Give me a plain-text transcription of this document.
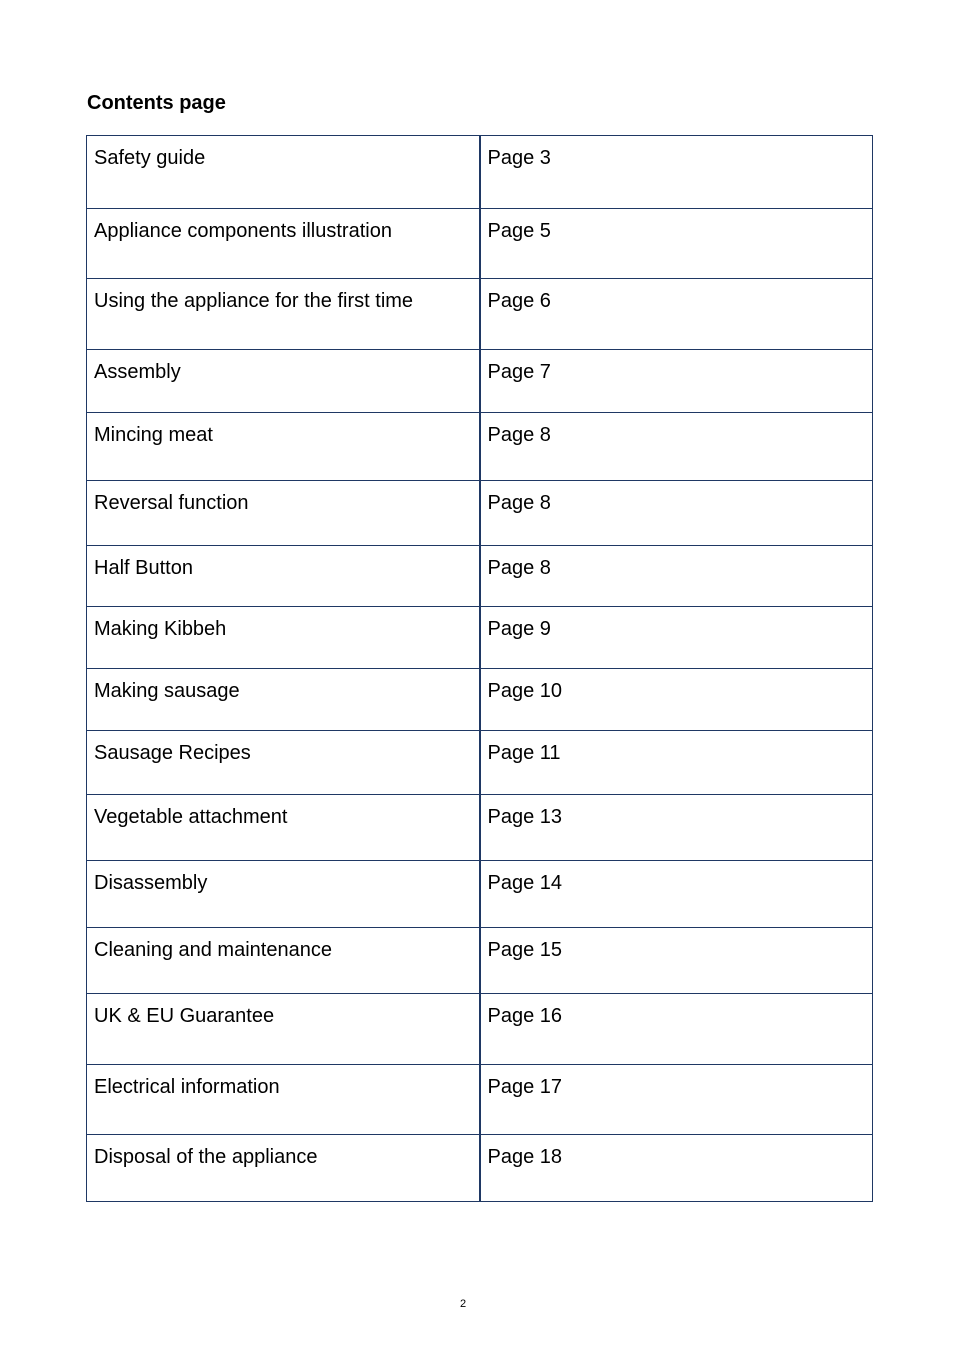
Contents page
Safety guide	Page 3
Appliance components illustration	Page 5
Using the appliance for the first time	Page 6
Assembly	Page 7
Mincing meat	Page 8
Reversal function	Page 8
Half Button	Page 8
Making Kibbeh	Page 9
Making sausage	Page 10
Sausage Recipes	Page 11
Vegetable attachment	Page 13
Disassembly	Page 14
Cleaning and maintenance	Page 15
UK & EU Guarantee	Page 16
Electrical information	Page 17
Disposal of the appliance	Page 18
2
